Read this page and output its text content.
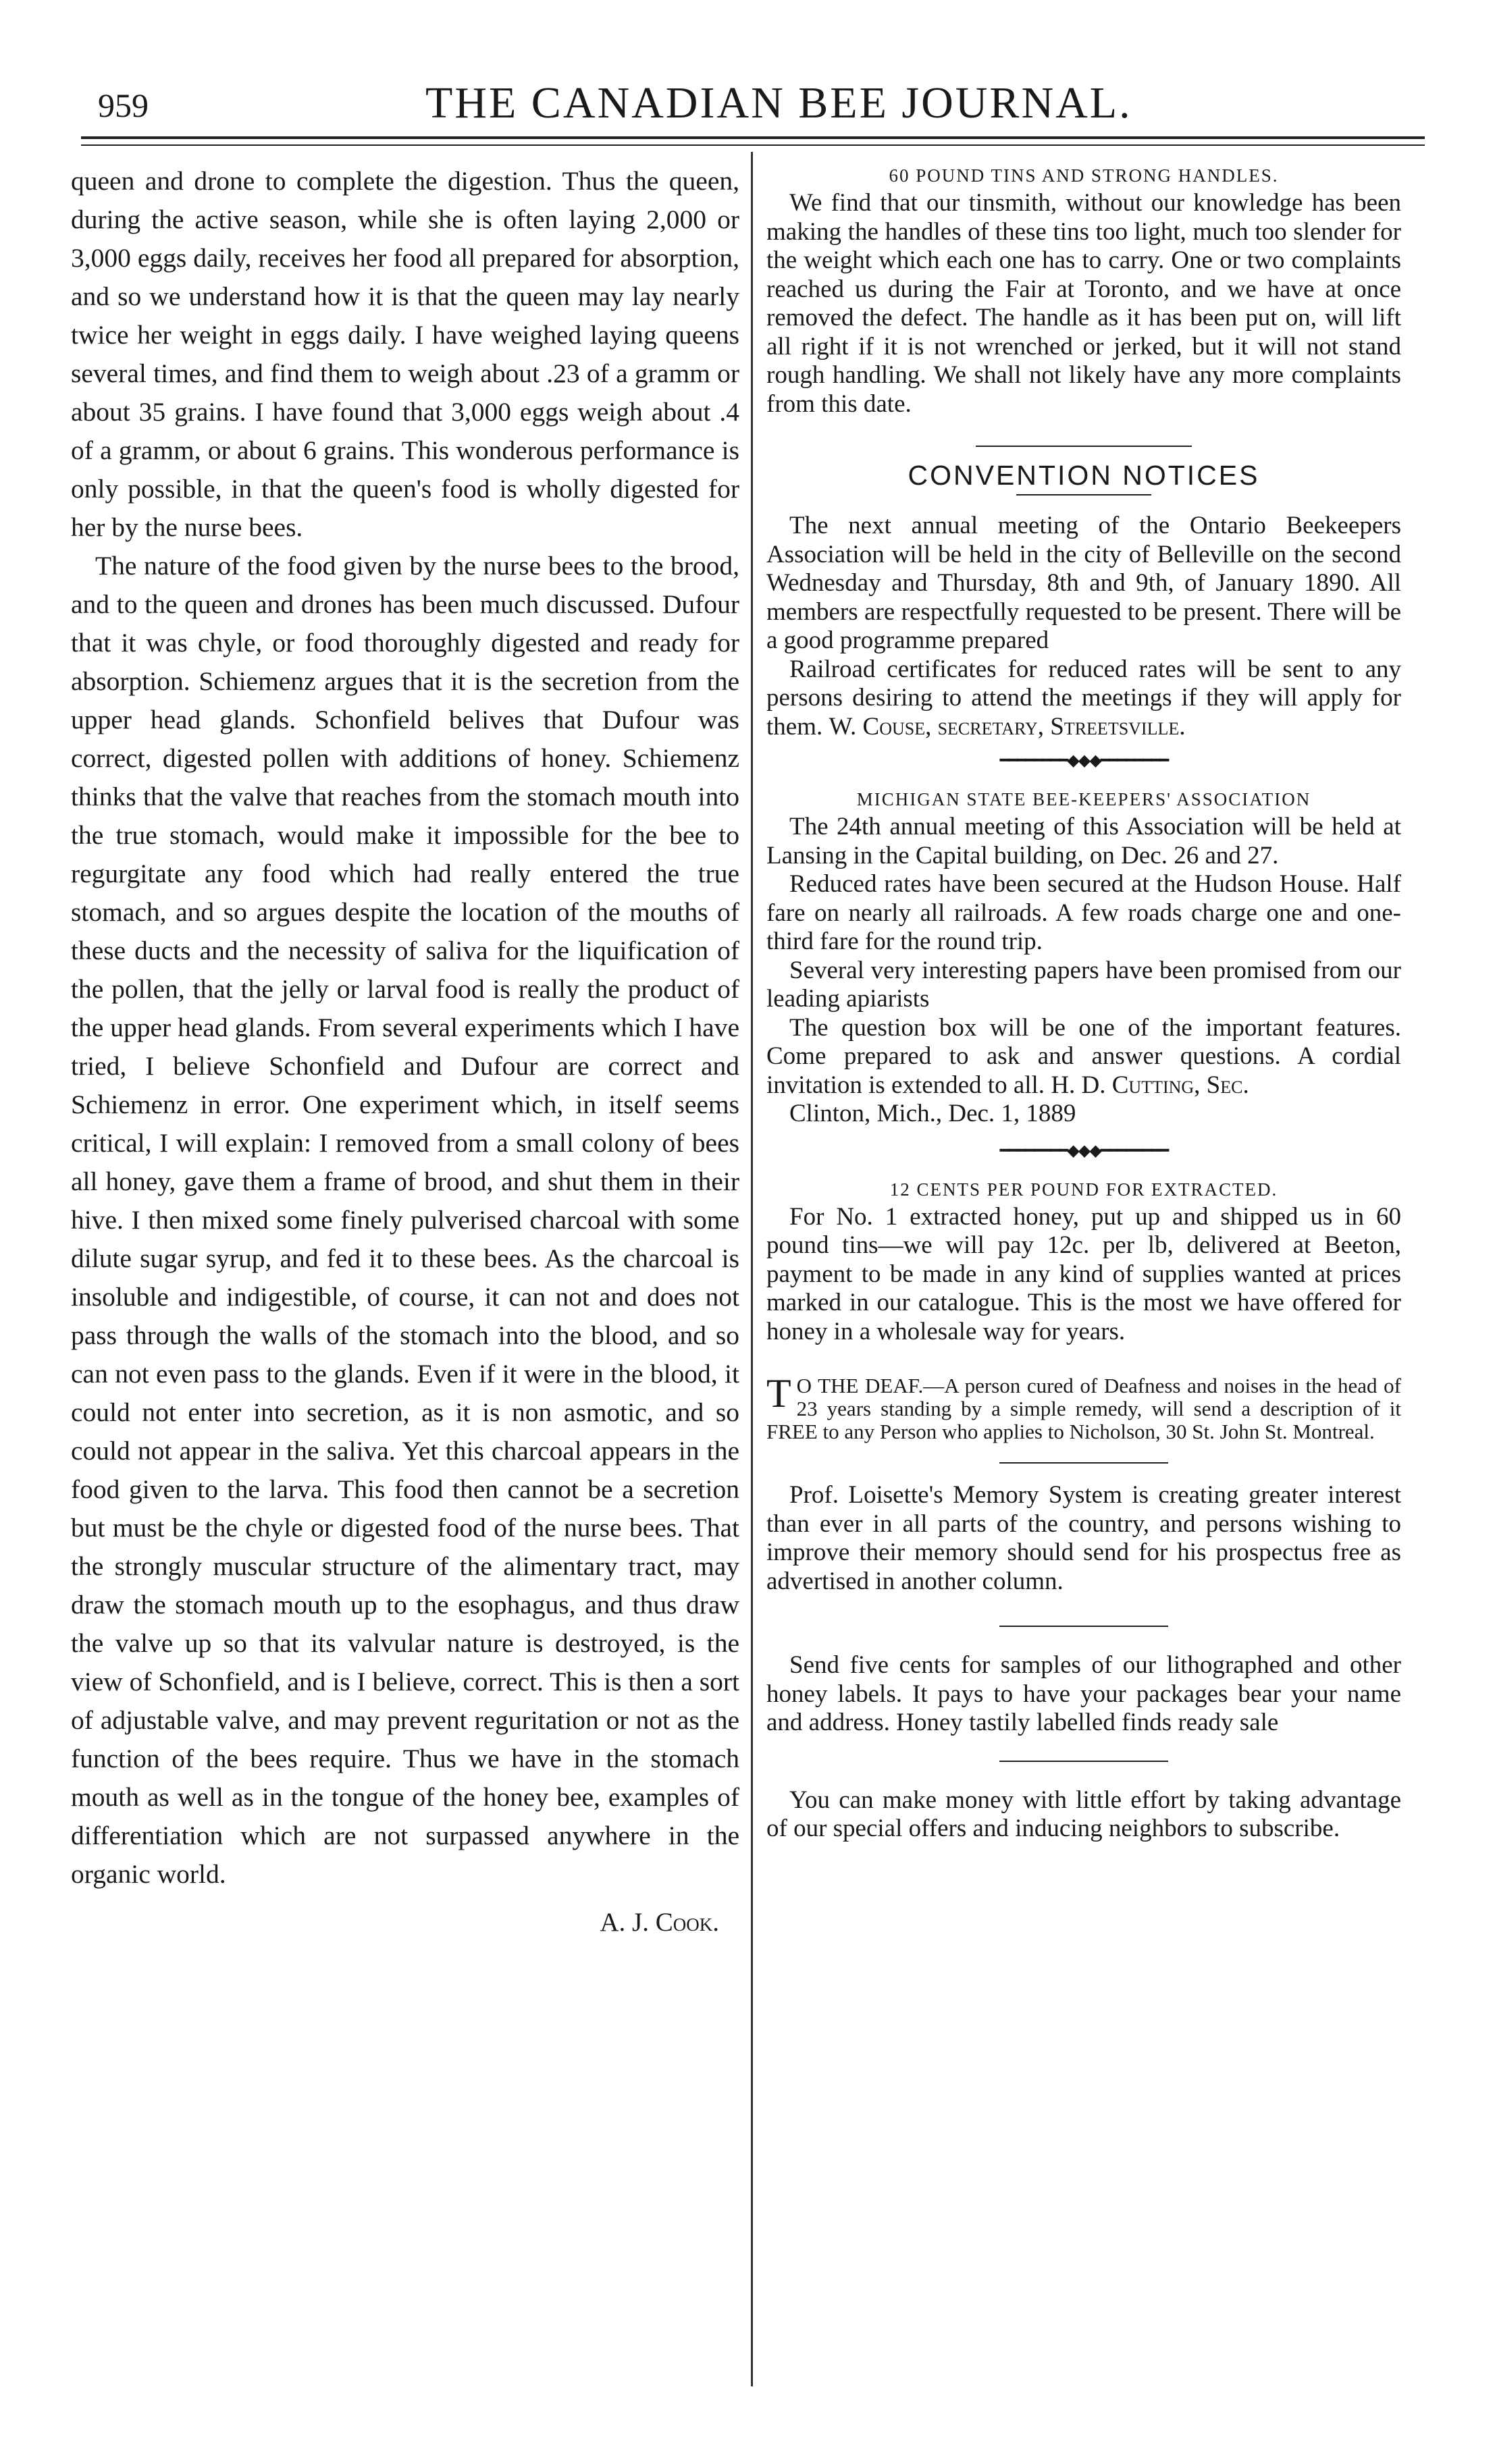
959	THE CANADIAN BEE JOURNAL.

queen and drone to complete the digestion. Thus the queen, during the active season, while she is often laying 2,000 or 3,000 eggs daily, receives her food all prepared for absorption, and so we understand how it is that the queen may lay nearly twice her weight in eggs daily. I have weighed laying queens several times, and find them to weigh about .23 of a gramm or about 35 grains. I have found that 3,000 eggs weigh about .4 of a gramm, or about 6 grains. This wonderous performance is only possible, in that the queen's food is wholly digested for her by the nurse bees.

The nature of the food given by the nurse bees to the brood, and to the queen and drones has been much discussed. Dufour that it was chyle, or food thoroughly digested and ready for absorption. Schiemenz argues that it is the secretion from the upper head glands. Schonfield belives that Dufour was correct, digested pollen with additions of honey. Schiemenz thinks that the valve that reaches from the stomach mouth into the true stomach, would make it impossible for the bee to regurgitate any food which had really entered the true stomach, and so argues despite the location of the mouths of these ducts and the necessity of saliva for the liquification of the pollen, that the jelly or larval food is really the product of the upper head glands. From several experiments which I have tried, I believe Schonfield and Dufour are correct and Schiemenz in error. One experiment which, in itself seems critical, I will explain: I removed from a small colony of bees all honey, gave them a frame of brood, and shut them in their hive. I then mixed some finely pulverised charcoal with some dilute sugar syrup, and fed it to these bees. As the charcoal is insoluble and indigestible, of course, it can not and does not pass through the walls of the stomach into the blood, and so can not even pass to the glands. Even if it were in the blood, it could not enter into secretion, as it is non asmotic, and so could not appear in the saliva. Yet this charcoal appears in the food given to the larva. This food then cannot be a secretion but must be the chyle or digested food of the nurse bees. That the strongly muscular structure of the alimentary tract, may draw the stomach mouth up to the esophagus, and thus draw the valve up so that its valvular nature is destroyed, is the view of Schonfield, and is I believe, correct. This is then a sort of adjustable valve, and may prevent reguritation or not as the function of the bees require. Thus we have in the stomach mouth as well as in the tongue of the honey bee, examples of differentiation which are not surpassed anywhere in the organic world.

A. J. Cook.

60 POUND TINS AND STRONG HANDLES.

We find that our tinsmith, without our knowledge has been making the handles of these tins too light, much too slender for the weight which each one has to carry. One or two complaints reached us during the Fair at Toronto, and we have at once removed the defect. The handle as it has been put on, will lift all right if it is not wrenched or jerked, but it will not stand rough handling. We shall not likely have any more complaints from this date.

CONVENTION NOTICES

The next annual meeting of the Ontario Beekeepers Association will be held in the city of Belleville on the second Wednesday and Thursday, 8th and 9th, of January 1890. All members are respectfully requested to be present. There will be a good programme prepared

Railroad certificates for reduced rates will be sent to any persons desiring to attend the meetings if they will apply for them. W. Couse, secretary, Streetsville.

━━━━━━━━◆◆◆━━━━━━━━

MICHIGAN STATE BEE-KEEPERS' ASSOCIATION

The 24th annual meeting of this Association will be held at Lansing in the Capital building, on Dec. 26 and 27.

Reduced rates have been secured at the Hudson House. Half fare on nearly all railroads. A few roads charge one and one-third fare for the round trip.

Several very interesting papers have been promised from our leading apiarists

The question box will be one of the important features. Come prepared to ask and answer questions. A cordial invitation is extended to all. H. D. Cutting, Sec.

Clinton, Mich., Dec. 1, 1889

━━━━━━━━◆◆◆━━━━━━━━

12 CENTS PER POUND FOR EXTRACTED.

For No. 1 extracted honey, put up and shipped us in 60 pound tins—we will pay 12c. per lb, delivered at Beeton, payment to be made in any kind of supplies wanted at prices marked in our catalogue. This is the most we have offered for honey in a wholesale way for years.

T O THE DEAF.—A person cured of Deafness and noises in the head of 23 years standing by a simple remedy, will send a description of it FREE to any Person who applies to Nicholson, 30 St. John St. Montreal.

Prof. Loisette's Memory System is creating greater interest than ever in all parts of the country, and persons wishing to improve their memory should send for his prospectus free as advertised in another column.

Send five cents for samples of our lithographed and other honey labels. It pays to have your packages bear your name and address. Honey tastily labelled finds ready sale

You can make money with little effort by taking advantage of our special offers and inducing neighbors to subscribe.
